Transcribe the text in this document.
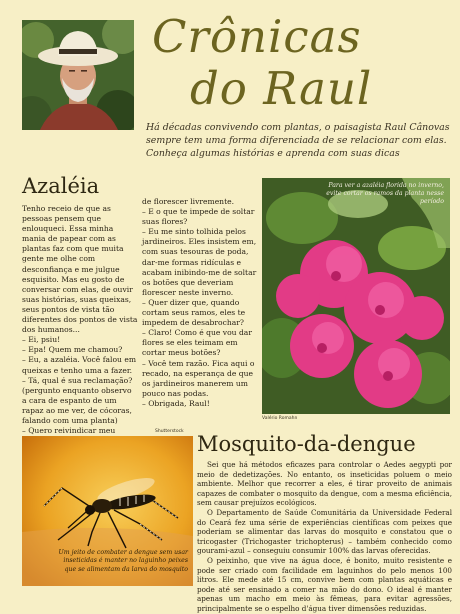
Crônicas
do Raul
Há décadas convivendo com plantas, o paisagista Raul Cânovas sempre tem uma forma diferenciada de se relacionar com elas. Conheça algumas histórias e aprenda com suas dicas
Azaléia

Tenho receio de que as pessoas pensem que enlouqueci. Essa minha mania de papear com as plantas faz com que muita gente me olhe com desconfiança e me julgue esquisito. Mas eu gosto de conversar com elas, de ouvir suas histórias, suas queixas, seus pontos de vista tão diferentes dos pontos de vista dos humanos...

– Ei, psiu!

– Epa! Quem me chamou?

– Eu, a azaléia. Você falou em queixas e tenho uma a fazer.

– Tá, qual é sua reclamação? (pergunto enquanto observo a cara de espanto de um rapaz ao me ver, de cócoras, falando com uma planta)

– Quero reivindicar meu

de florescer livremente.

– E o que te impede de soltar suas flores?

– Eu me sinto tolhida pelos jardineiros. Eles insistem em, com suas tesouras de poda, dar-me formas ridículas e acabam inibindo-me de soltar os botões que deveriam florescer neste inverno.

– Quer dizer que, quando cortam seus ramos, eles te impedem de desabrochar?

– Claro! Como é que vou dar flores se eles teimam em cortar meus botões?

– Você tem razão. Fica aqui o recado, na esperança de que os jardineiros manerem um pouco nas podas.

– Obrigada, Raul!

Para ver a azaléia florida no inverno, evite cortar os ramos da planta nesse período
Valério Romahn
Shutterstock
Um jeito de combater a dengue sem usar inseticidas é manter no laguinho peixes que se alimentam da larva do mosquito
Mosquito-da-dengue

Sei que há métodos eficazes para controlar o Aedes aegypti por meio de dedetizações. No entanto, os inseticidas poluem o meio ambiente. Melhor que recorrer a eles, é tirar proveito de animais capazes de combater o mosquito da dengue, com a mesma eficiência, sem causar prejuízos ecológicos.

O Departamento de Saúde Comunitária da Universidade Federal do Ceará fez uma série de experiências científicas com peixes que poderiam se alimentar das larvas do mosquito e constatou que o tricogaster (Trichogaster trichopterus) – também conhecido como gourami-azul – conseguiu consumir 100% das larvas oferecidas.

O peixinho, que vive na água doce, é bonito, muito resistente e pode ser criado com facilidade em laguinhos do pelo menos 100 litros. Ele mede até 15 cm, convive bem com plantas aquáticas e pode até ser ensinado a comer na mão do dono. O ideal é manter apenas um macho em meio às fêmeas, para evitar agressões, principalmente se o espelho d'água tiver dimensões reduzidas.
